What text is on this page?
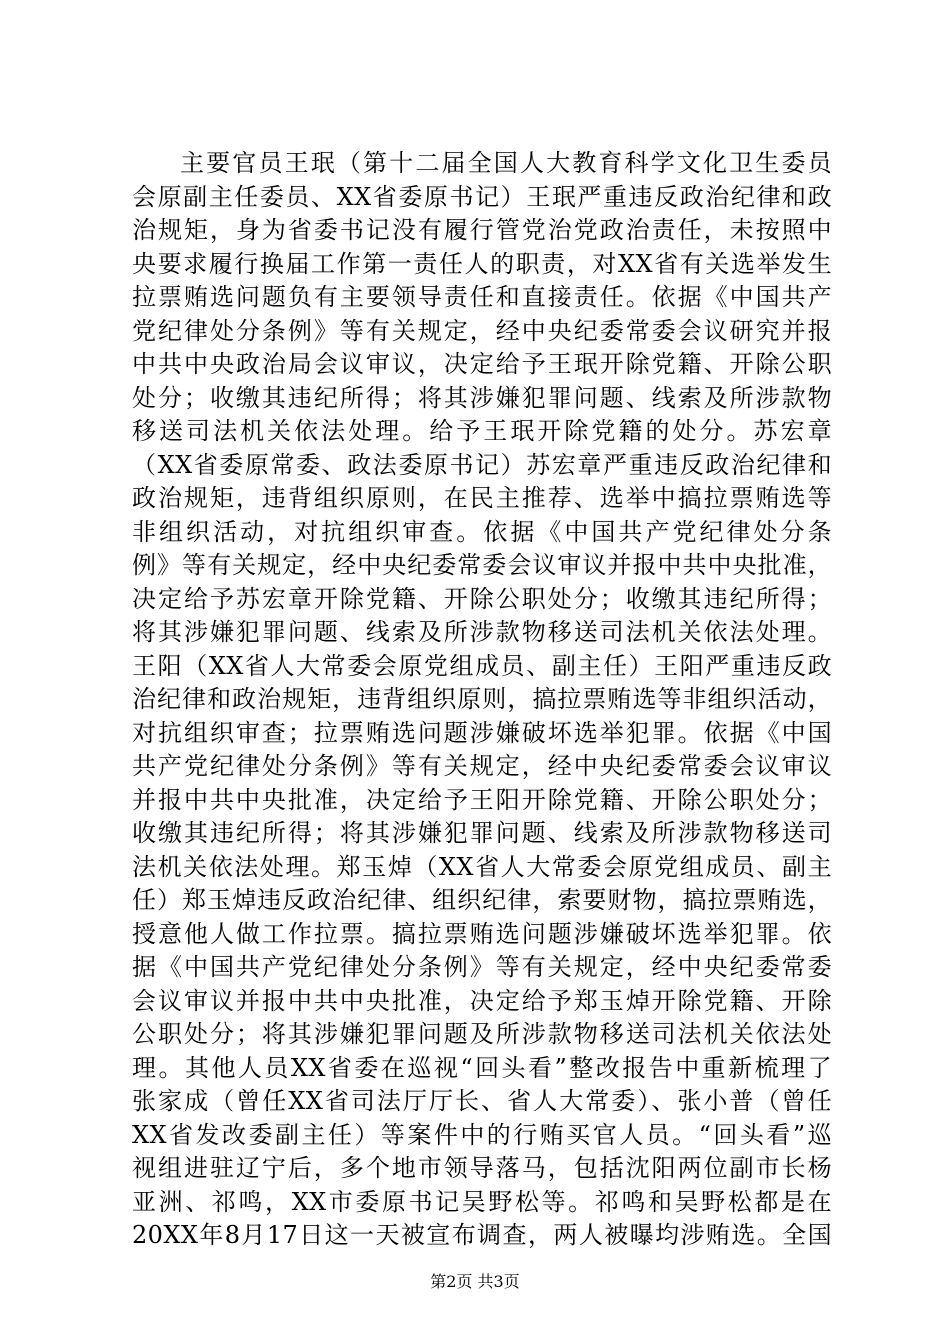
主要官员王珉（第十二届全国人大教育科学文化卫生委员
会原副主任委员、XX省委原书记）王珉严重违反政治纪律和政
治规矩，身为省委书记没有履行管党治党政治责任，未按照中
央要求履行换届工作第一责任人的职责，对XX省有关选举发生
拉票贿选问题负有主要领导责任和直接责任。依据《中国共产
党纪律处分条例》等有关规定，经中央纪委常委会议研究并报
中共中央政治局会议审议，决定给予王珉开除党籍、开除公职
处分；收缴其违纪所得；将其涉嫌犯罪问题、线索及所涉款物
移送司法机关依法处理。给予王珉开除党籍的处分。苏宏章
（XX省委原常委、政法委原书记）苏宏章严重违反政治纪律和
政治规矩，违背组织原则，在民主推荐、选举中搞拉票贿选等
非组织活动，对抗组织审查。依据《中国共产党纪律处分条
例》等有关规定，经中央纪委常委会议审议并报中共中央批准，
决定给予苏宏章开除党籍、开除公职处分；收缴其违纪所得；
将其涉嫌犯罪问题、线索及所涉款物移送司法机关依法处理。
王阳（XX省人大常委会原党组成员、副主任）王阳严重违反政
治纪律和政治规矩，违背组织原则，搞拉票贿选等非组织活动，
对抗组织审查；拉票贿选问题涉嫌破坏选举犯罪。依据《中国
共产党纪律处分条例》等有关规定，经中央纪委常委会议审议
并报中共中央批准，决定给予王阳开除党籍、开除公职处分；
收缴其违纪所得；将其涉嫌犯罪问题、线索及所涉款物移送司
法机关依法处理。郑玉焯（XX省人大常委会原党组成员、副主
任）郑玉焯违反政治纪律、组织纪律，索要财物，搞拉票贿选，
授意他人做工作拉票。搞拉票贿选问题涉嫌破坏选举犯罪。依
据《中国共产党纪律处分条例》等有关规定，经中央纪委常委
会议审议并报中共中央批准，决定给予郑玉焯开除党籍、开除
公职处分；将其涉嫌犯罪问题及所涉款物移送司法机关依法处
理。其他人员XX省委在巡视“回头看”整改报告中重新梳理了
张家成（曾任XX省司法厅厅长、省人大常委）、张小普（曾任
XX省发改委副主任）等案件中的行贿买官人员。“回头看”巡
视组进驻辽宁后，多个地市领导落马，包括沈阳两位副市长杨
亚洲、祁鸣，XX市委原书记吴野松等。祁鸣和吴野松都是在
20XX年8月17日这一天被宣布调查，两人被曝均涉贿选。全国
第2页 共3页
